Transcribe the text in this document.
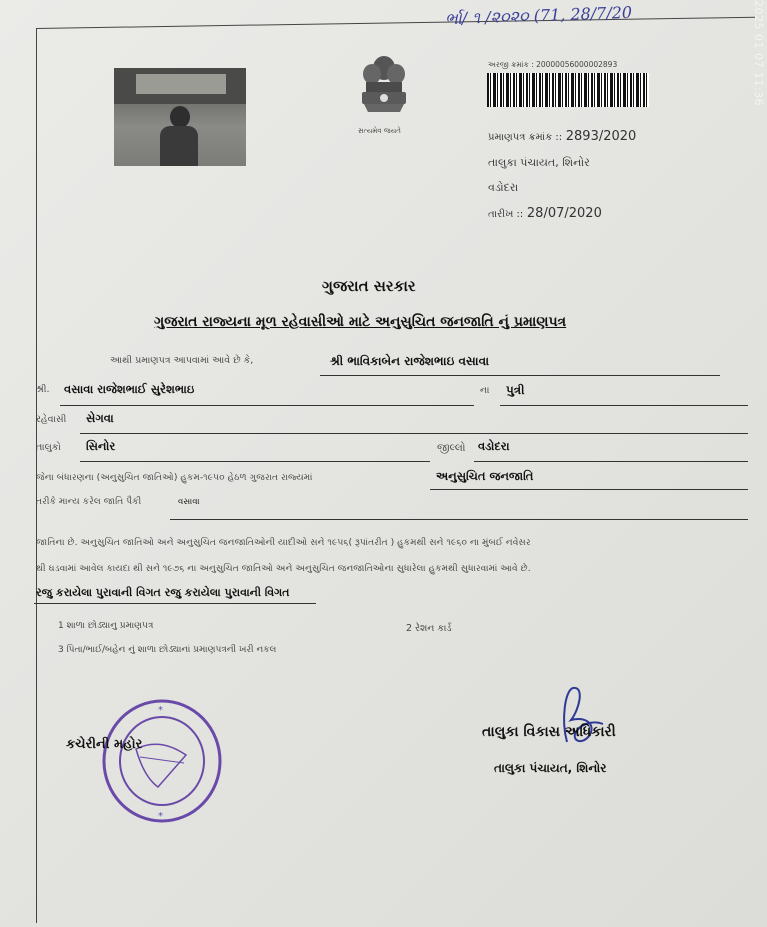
ર્ભા/ ૧ /૨૦૨૦ (71, 28/7/20	2025 01 07 11:36
સત્યમેવ જયતે
અરજી ક્રમાંક : 20000056000002893
પ્રમાણપત્ર ક્રમાંક :: 2893/2020
તાલુકા પંચાયત, શિનોર
વડોદરા
તારીખ :: 28/07/2020
ગુજરાત સરકાર
ગુજરાત રાજ્યના મૂળ રહેવાસીઓ માટે અનુસુચિત જનજાતિ નું પ્રમાણપત્ર
આથી પ્રમાણપત્ર આપવામાં આવે છે કે,	શ્રી ભાવિકાબેન રાજેશભાઇ વસાવા
શ્રી. વસાવા રાજેશભાઈ સુરેશભાઇ	ના પુત્રી
રહેવાસી સેગવા
તાલુકો સિનોર	જીલ્લો વડોદરા
જેના બંધારણના (અનુસુચિત જાતિઓ) હુકમ-૧૯૫૦ હેઠળ ગુજરાત રાજ્યમાં	અનુસુચિત જનજાતિ
તરીકે માન્ય કરેલ જાતિ પૈકી	વસાવા
જાતિના છે. અનુસુચિત જાતિઓ અને અનુસુચિત જનજાતિઓની યાદીઓ સને ૧૯૫૬( રૂપાંતરીત ) હુકમથી સને ૧૯૬૦ ના મુંબઈ નવેસર
થી ઘડવામાં આવેલ કાયદા થી સને ૧૯૭૬ ના અનુસુચિત જાતિઓ અને અનુસુચિત જનજાતિઓના સુધારેલા હુકમથી સુધારવામાં આવે છે.
રજુ કરાયેલા પુરાવાની વિગત રજુ કરાયેલા પુરાવાની વિગત
1 શાળા છોડ્યાનુ પ્રમાણપત્ર	2 રેશન કાર્ડ
3 પિતા/ભાઈ/બહેન નું શાળા છોડ્યાનાં પ્રમાણપત્રની ખરી નકલ
*
*
કચેરીની મહોર
તાલુકા વિકાસ અધિકારી
તાલુકા પંચાયત, શિનોર
